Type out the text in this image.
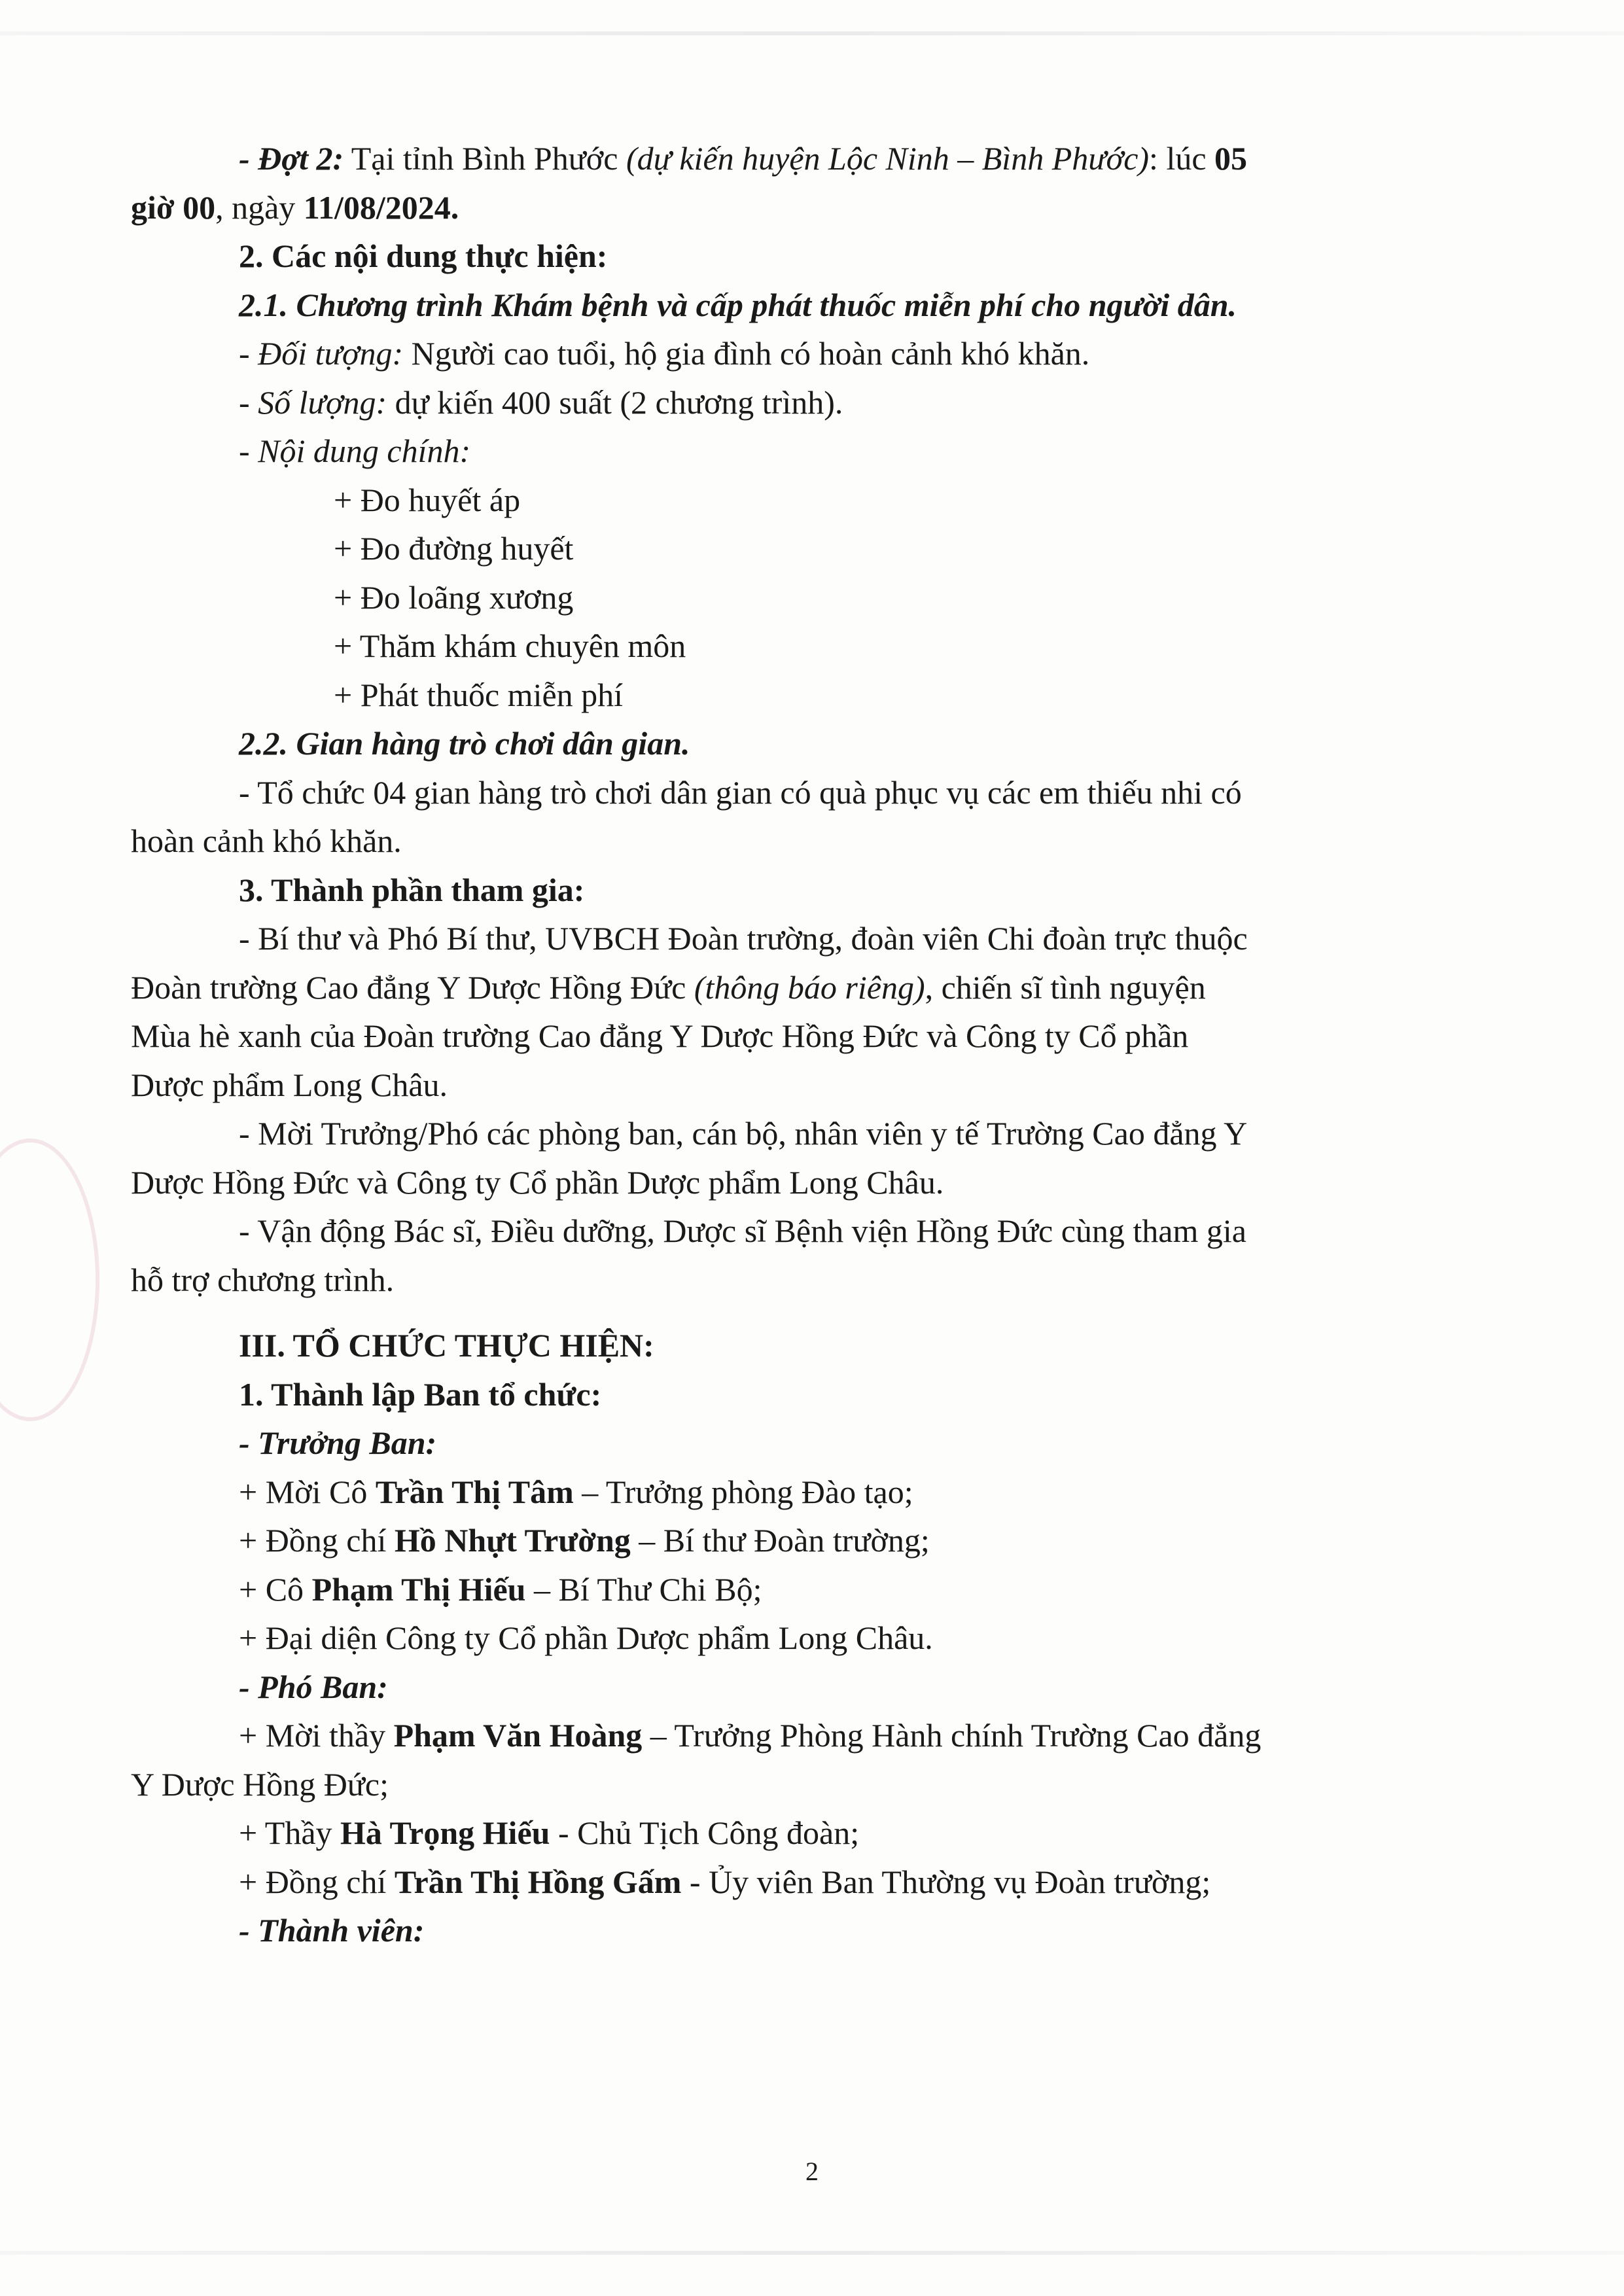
- Đợt 2: Tại tỉnh Bình Phước (dự kiến huyện Lộc Ninh – Bình Phước): lúc 05
giờ 00, ngày 11/08/2024.
2. Các nội dung thực hiện:
2.1. Chương trình Khám bệnh và cấp phát thuốc miễn phí cho người dân.
- Đối tượng: Người cao tuổi, hộ gia đình có hoàn cảnh khó khăn.
- Số lượng: dự kiến 400 suất (2 chương trình).
- Nội dung chính:
+ Đo huyết áp
+ Đo đường huyết
+ Đo loãng xương
+ Thăm khám chuyên môn
+ Phát thuốc miễn phí
2.2. Gian hàng trò chơi dân gian.
- Tổ chức 04 gian hàng trò chơi dân gian có quà phục vụ các em thiếu nhi có
hoàn cảnh khó khăn.
3. Thành phần tham gia:
- Bí thư và Phó Bí thư, UVBCH Đoàn trường, đoàn viên Chi đoàn trực thuộc
Đoàn trường Cao đẳng Y Dược Hồng Đức (thông báo riêng), chiến sĩ tình nguyện
Mùa hè xanh của Đoàn trường Cao đẳng Y Dược Hồng Đức và Công ty Cổ phần
Dược phẩm Long Châu.
- Mời Trưởng/Phó các phòng ban, cán bộ, nhân viên y tế Trường Cao đẳng Y
Dược Hồng Đức và Công ty Cổ phần Dược phẩm Long Châu.
- Vận động Bác sĩ, Điều dưỡng, Dược sĩ Bệnh viện Hồng Đức cùng tham gia
hỗ trợ chương trình.
III. TỔ CHỨC THỰC HIỆN:
1. Thành lập Ban tổ chức:
- Trưởng Ban:
+ Mời Cô Trần Thị Tâm – Trưởng phòng Đào tạo;
+ Đồng chí Hồ Nhựt Trường – Bí thư Đoàn trường;
+ Cô Phạm Thị Hiếu – Bí Thư Chi Bộ;
+ Đại diện Công ty Cổ phần Dược phẩm Long Châu.
- Phó Ban:
+ Mời thầy Phạm Văn Hoàng – Trưởng Phòng Hành chính Trường Cao đẳng
Y Dược Hồng Đức;
+ Thầy Hà Trọng Hiếu - Chủ Tịch Công đoàn;
+ Đồng chí Trần Thị Hồng Gấm - Ủy viên Ban Thường vụ Đoàn trường;
- Thành viên:
2
